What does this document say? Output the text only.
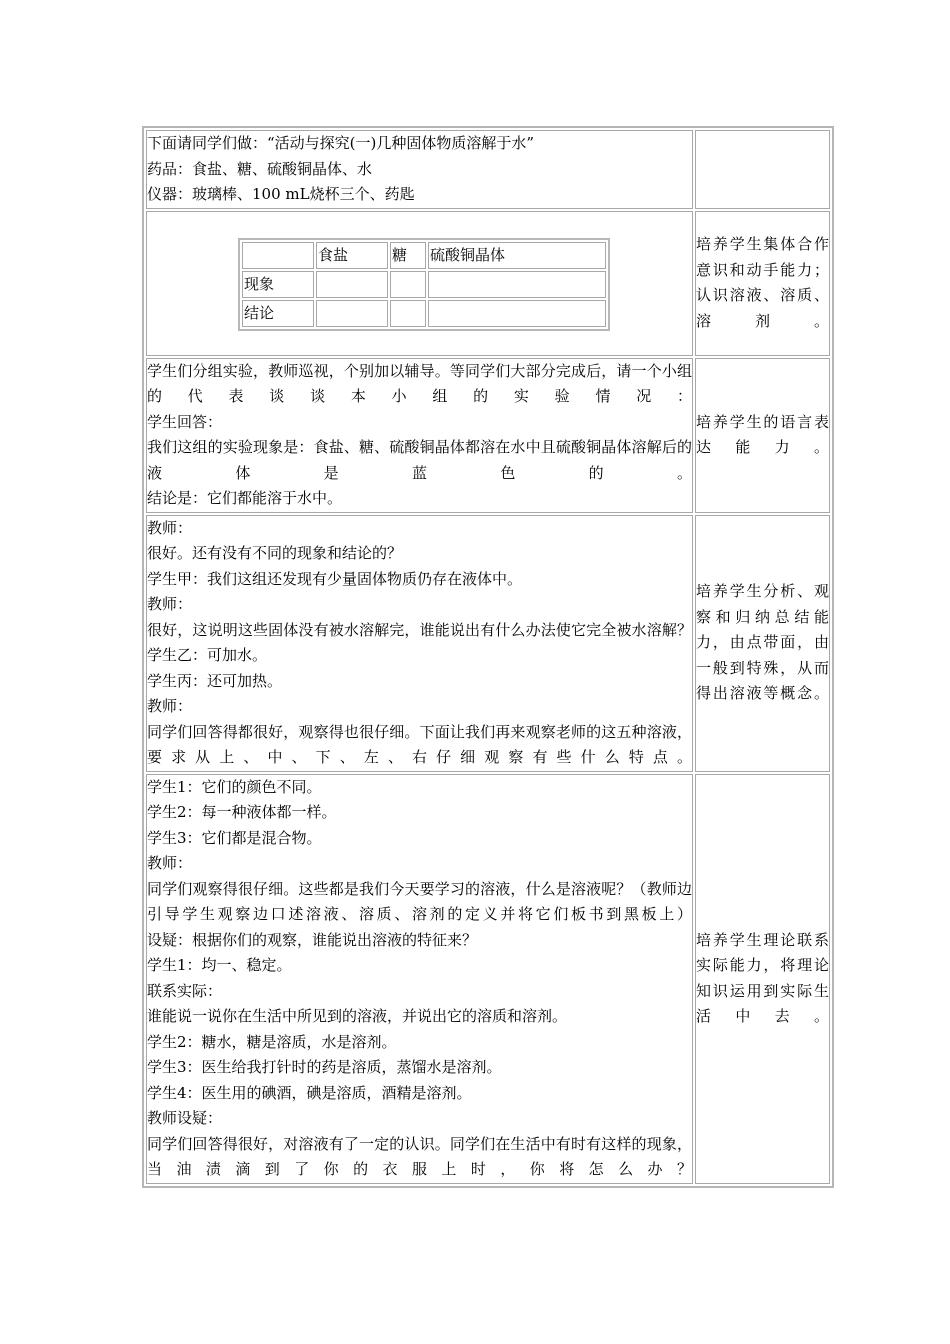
下面请同学们做：“活动与探究(一)几种固体物质溶解于水”
药品：食盐、糖、硫酸铜晶体、水
仪器：玻璃棒、100 mL烧杯三个、药匙

	食盐	糖	硫酸铜晶体
现象			
结论			

培养学生集体合作意识和动手能力；认识溶液、溶质、溶剂。

学生们分组实验，教师巡视，个别加以辅导。等同学们大部分完成后，请一个小组的代表谈谈本小组的实验情况：
学生回答：
我们这组的实验现象是：食盐、糖、硫酸铜晶体都溶在水中且硫酸铜晶体溶解后的液体是蓝色的。
结论是：它们都能溶于水中。

培养学生的语言表达能力。

教师：
很好。还有没有不同的现象和结论的？
学生甲：我们这组还发现有少量固体物质仍存在液体中。
教师：
很好，这说明这些固体没有被水溶解完，谁能说出有什么办法使它完全被水溶解？
学生乙：可加水。
学生丙：还可加热。
教师：
同学们回答得都很好，观察得也很仔细。下面让我们再来观察老师的这五种溶液，要求从上、中、下、左、右仔细观察有些什么特点。

培养学生分析、观察和归纳总结能力，由点带面，由一般到特殊，从而得出溶液等概念。

学生1：它们的颜色不同。
学生2：每一种液体都一样。
学生3：它们都是混合物。
教师：
同学们观察得很仔细。这些都是我们今天要学习的溶液，什么是溶液呢？（教师边引导学生观察边口述溶液、溶质、溶剂的定义并将它们板书到黑板上）
设疑：根据你们的观察，谁能说出溶液的特征来？
学生1：均一、稳定。
联系实际：
谁能说一说你在生活中所见到的溶液，并说出它的溶质和溶剂。
学生2：糖水，糖是溶质，水是溶剂。
学生3：医生给我打针时的药是溶质，蒸馏水是溶剂。
学生4：医生用的碘酒，碘是溶质，酒精是溶剂。
教师设疑：
同学们回答得很好，对溶液有了一定的认识。同学们在生活中有时有这样的现象，当油渍滴到了你的衣服上时，你将怎么办？

培养学生理论联系实际能力，将理论知识运用到实际生活中去。
